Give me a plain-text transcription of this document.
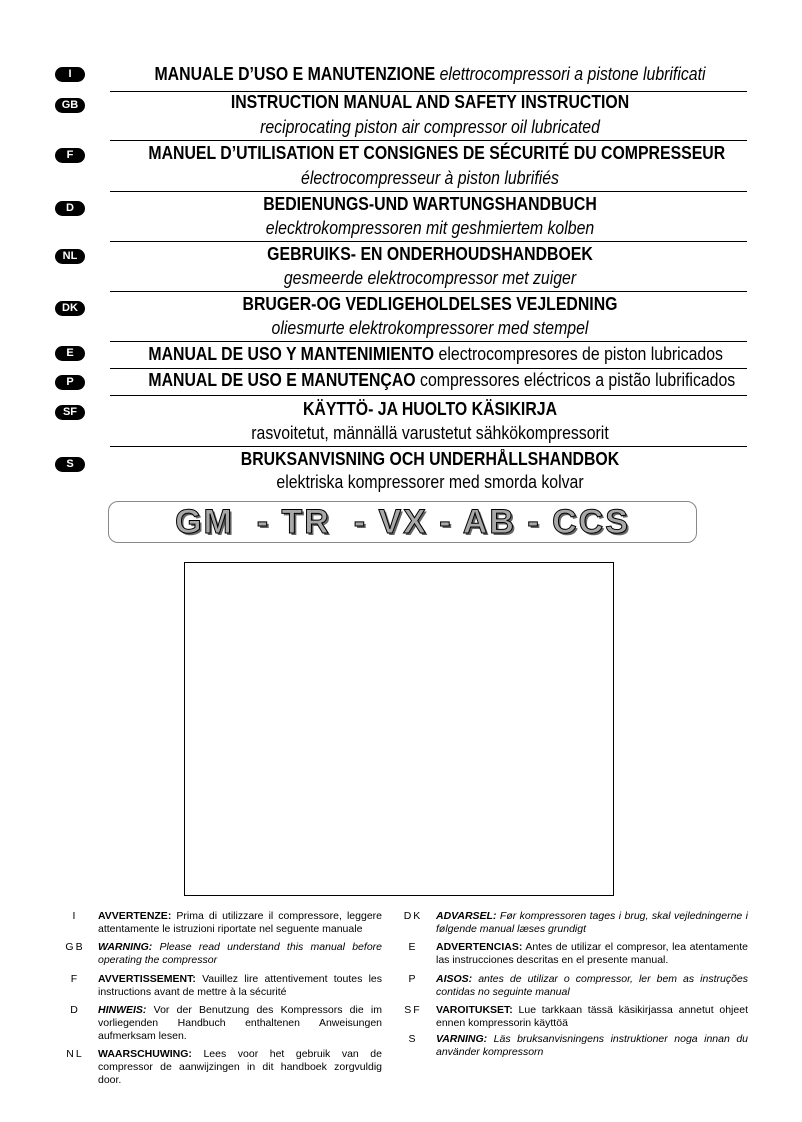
I	MANUALE D’USO E MANUTENZIONE elettrocompressori a pistone lubrificati
GB	INSTRUCTION MANUAL AND SAFETY INSTRUCTION
reciprocating piston air compressor oil lubricated
F	MANUEL D’UTILISATION ET CONSIGNES DE SÉCURITÉ DU COMPRESSEUR
électrocompresseur à piston lubrifiés
D	BEDIENUNGS-UND WARTUNGSHANDBUCH
elecktrokompressoren mit geshmiertem kolben
NL	GEBRUIKS- EN ONDERHOUDSHANDBOEK
gesmeerde elektrocompressor met zuiger
DK	BRUGER-OG VEDLIGEHOLDELSES VEJLEDNING
oliesmurte elektrokompressorer med stempel
E	MANUAL DE USO Y MANTENIMIENTO electrocompresores de piston lubricados
P	MANUAL DE USO E MANUTENÇAO compressores eléctricos a pistão lubrificados
SF	KÄYTTÖ- JA HUOLTO KÄSIKIRJA
rasvoitetut, männällä varustetut sähkökompressorit
S	BRUKSANVISNING OCH UNDERHÅLLSHANDBOK
elektriska kompressorer med smorda kolvar
GM  - TR  - VX - AB - CCS
I	AVVERTENZE: Prima di utilizzare il compressore, leggere attentamente le istruzioni riportate nel seguente manuale
GB	WARNING: Please read understand this manual before operating the compressor
F	AVVERTISSEMENT: Vauillez lire attentivement toutes les instructions avant de mettre à la sécurité
D	HINWEIS: Vor der Benutzung des Kompressors die im vorliegenden Handbuch enthaltenen Anweisungen aufmerksam lesen.
NL	WAARSCHUWING: Lees voor het gebruik van de compressor de aanwijzingen in dit handboek zorgvuldig door.
DK	ADVARSEL: Før kompressoren tages i brug, skal vejledningerne i følgende manual læses grundigt
E	ADVERTENCIAS: Antes de utilizar el compresor, lea atentamente las instrucciones descritas en el presente manual.
P	AISOS: antes de utilizar o compressor, ler bem as instruções contidas no seguinte manual
SF	VAROITUKSET: Lue tarkkaan tässä käsikirjassa annetut ohjeet ennen kompressorin käyttöä
S	VARNING: Läs bruksanvisningens instruktioner noga innan du använder kompressorn
